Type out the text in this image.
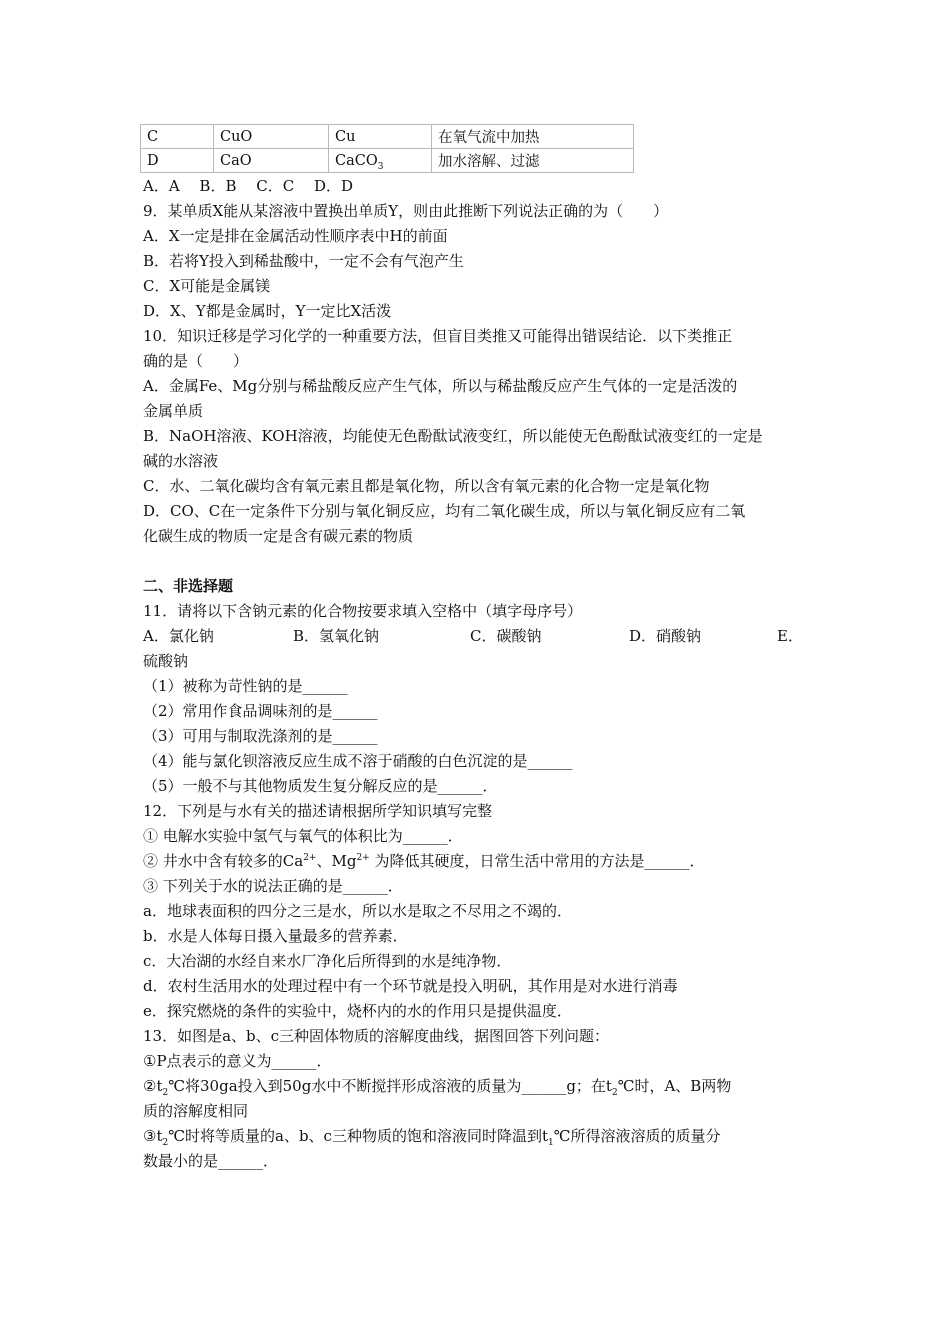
C	CuO	Cu	在氧气流中加热
D	CaO	CaCO$_3$	加水溶解、过滤
A．A　 B．B　 C．C　 D．D
9．某单质X能从某溶液中置换出单质Y，则由此推断下列说法正确的为（　　）
A．X一定是排在金属活动性顺序表中H的前面
B．若将Y投入到稀盐酸中，一定不会有气泡产生
C．X可能是金属镁
D．X、Y都是金属时，Y一定比X活泼
10．知识迁移是学习化学的一种重要方法，但盲目类推又可能得出错误结论．以下类推正
确的是（　　）
A．金属Fe、Mg分别与稀盐酸反应产生气体，所以与稀盐酸反应产生气体的一定是活泼的
金属单质
B．NaOH溶液、KOH溶液，均能使无色酚酞试液变红，所以能使无色酚酞试液变红的一定是
碱的水溶液
C．水、二氧化碳均含有氧元素且都是氧化物，所以含有氧元素的化合物一定是氧化物
D．CO、C在一定条件下分别与氧化铜反应，均有二氧化碳生成，所以与氧化铜反应有二氧
化碳生成的物质一定是含有碳元素的物质
二、非选择题
11．请将以下含钠元素的化合物按要求填入空格中（填字母序号）
A．氯化钠	B．氢氧化钠	C．碳酸钠	D．硝酸钠	E．
硫酸钠
（1）被称为苛性钠的是______
（2）常用作食品调味剂的是______
（3）可用与制取洗涤剂的是______
（4）能与氯化钡溶液反应生成不溶于硝酸的白色沉淀的是______
（5）一般不与其他物质发生复分解反应的是______．
12．下列是与水有关的描述请根据所学知识填写完整
① 电解水实验中氢气与氧气的体积比为______．
② 井水中含有较多的$Ca^{2+}$、$Mg^{2+}$ 为降低其硬度，日常生活中常用的方法是______．
③ 下列关于水的说法正确的是______．
a．地球表面积的四分之三是水，所以水是取之不尽用之不竭的．
b．水是人体每日摄入量最多的营养素．
c．大冶湖的水经自来水厂净化后所得到的水是纯净物．
d．农村生活用水的处理过程中有一个环节就是投入明矾，其作用是对水进行消毒
e．探究燃烧的条件的实验中，烧杯内的水的作用只是提供温度．
13．如图是a、b、c三种固体物质的溶解度曲线，据图回答下列问题：
①P点表示的意义为______．
$②t_2℃$将30ga投入到50g水中不断搅拌形成溶液的质量为______g；在$t_2℃$时，A、B两物
质的溶解度相同
$③t_2℃$时将等质量的a、b、c三种物质的饱和溶液同时降温到$t_1℃$所得溶液溶质的质量分
数最小的是______．
